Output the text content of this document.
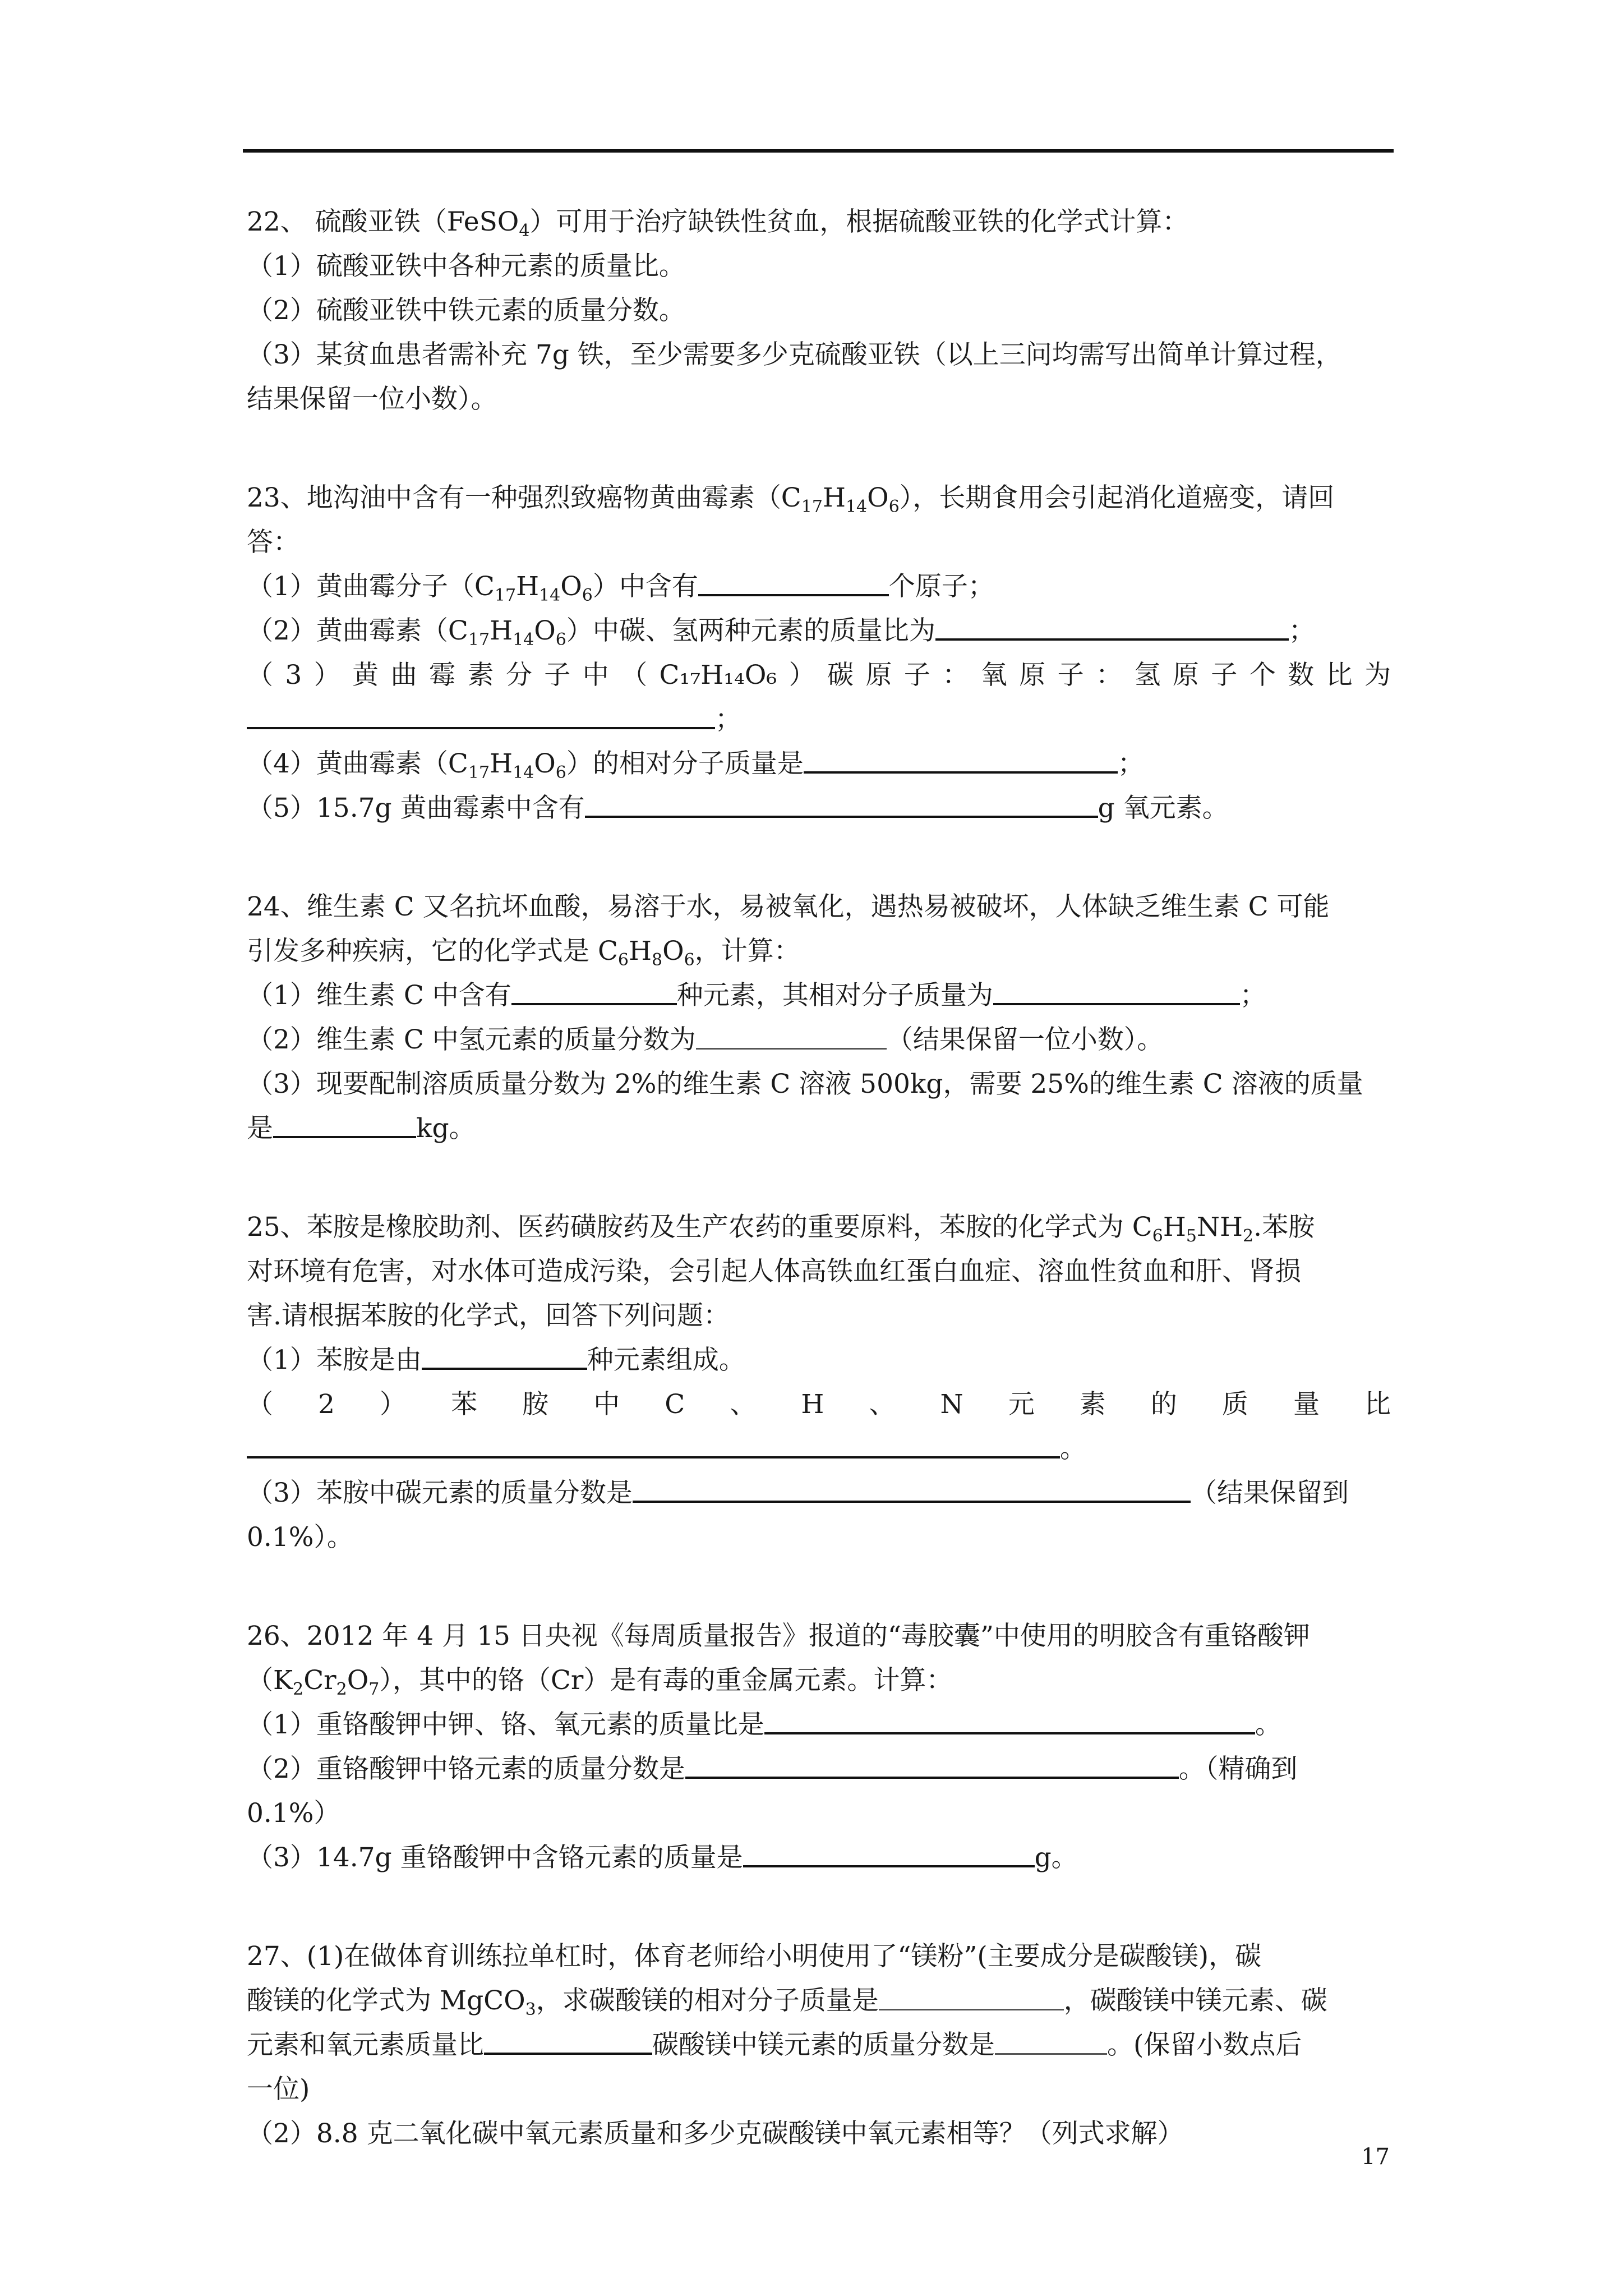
22、 硫酸亚铁（FeSO$_4$）可用于治疗缺铁性贫血，根据硫酸亚铁的化学式计算：
（1）硫酸亚铁中各种元素的质量比。
（2）硫酸亚铁中铁元素的质量分数。
（3）某贫血患者需补充 7g 铁，至少需要多少克硫酸亚铁（以上三问均需写出简单计算过程，
结果保留一位小数）。
23、地沟油中含有一种强烈致癌物黄曲霉素$(C_{17}H_{14}O_6)$，长期食用会引起消化道癌变，请回
答：
（1）黄曲霉分子$(C_{17}H_{14}O_6)$中含有	个原子；
（2）黄曲霉素$(C_{17}H_{14}O_6)$中碳、氢两种元素的质量比为	；
（ 3 ） 黄 曲 霉 素 分 子 中 （ C₁₇H₁₄O₆ ） 碳 原 子 ： 氧 原 子 ： 氢 原 子 个 数 比 为
；
（4）黄曲霉素$(C_{17}H_{14}O_6)$的相对分子质量是	；
（5）15.7g 黄曲霉素中含有	g 氧元素。
24、维生素 C 又名抗坏血酸，易溶于水，易被氧化，遇热易被破坏，人体缺乏维生素 C 可能
引发多种疾病，它的化学式是 $C_6H_8O_6$，计算：
（1）维生素 C 中含有	种元素，其相对分子质量为	；
（2）维生素 C 中氢元素的质量分数为	（结果保留一位小数）。
（3）现要配制溶质质量分数为 2%的维生素 C 溶液 500kg，需要 25%的维生素 C 溶液的质量
是	kg。
25、苯胺是橡胶助剂、医药磺胺药及生产农药的重要原料，苯胺的化学式为 $C_6H_5NH_2$.苯胺
对环境有危害，对水体可造成污染，会引起人体高铁血红蛋白血症、溶血性贫血和肝、肾损
害.请根据苯胺的化学式，回答下列问题：
（1）苯胺是由	种元素组成。
（ 2 ） 苯 胺 中 C 、 H 、 N 元 素 的 质 量 比
。
（3）苯胺中碳元素的质量分数是	（结果保留到
0.1%）。
26、2012 年 4 月 15 日央视《每周质量报告》报道的“毒胶囊”中使用的明胶含有重铬酸钾
$(K_2Cr_2O_7)$，其中的铬（Cr）是有毒的重金属元素。计算：
（1）重铬酸钾中钾、铬、氧元素的质量比是	。
（2）重铬酸钾中铬元素的质量分数是	。（精确到
0.1%）
（3）14.7g 重铬酸钾中含铬元素的质量是	g。
27、(1)在做体育训练拉单杠时，体育老师给小明使用了“镁粉”(主要成分是碳酸镁)，碳
酸镁的化学式为 MgCO$_3$，求碳酸镁的相对分子质量是	，碳酸镁中镁元素、碳
元素和氧元素质量比	碳酸镁中镁元素的质量分数是	。(保留小数点后
一位)
（2）8.8 克二氧化碳中氧元素质量和多少克碳酸镁中氧元素相等？（列式求解）
17
